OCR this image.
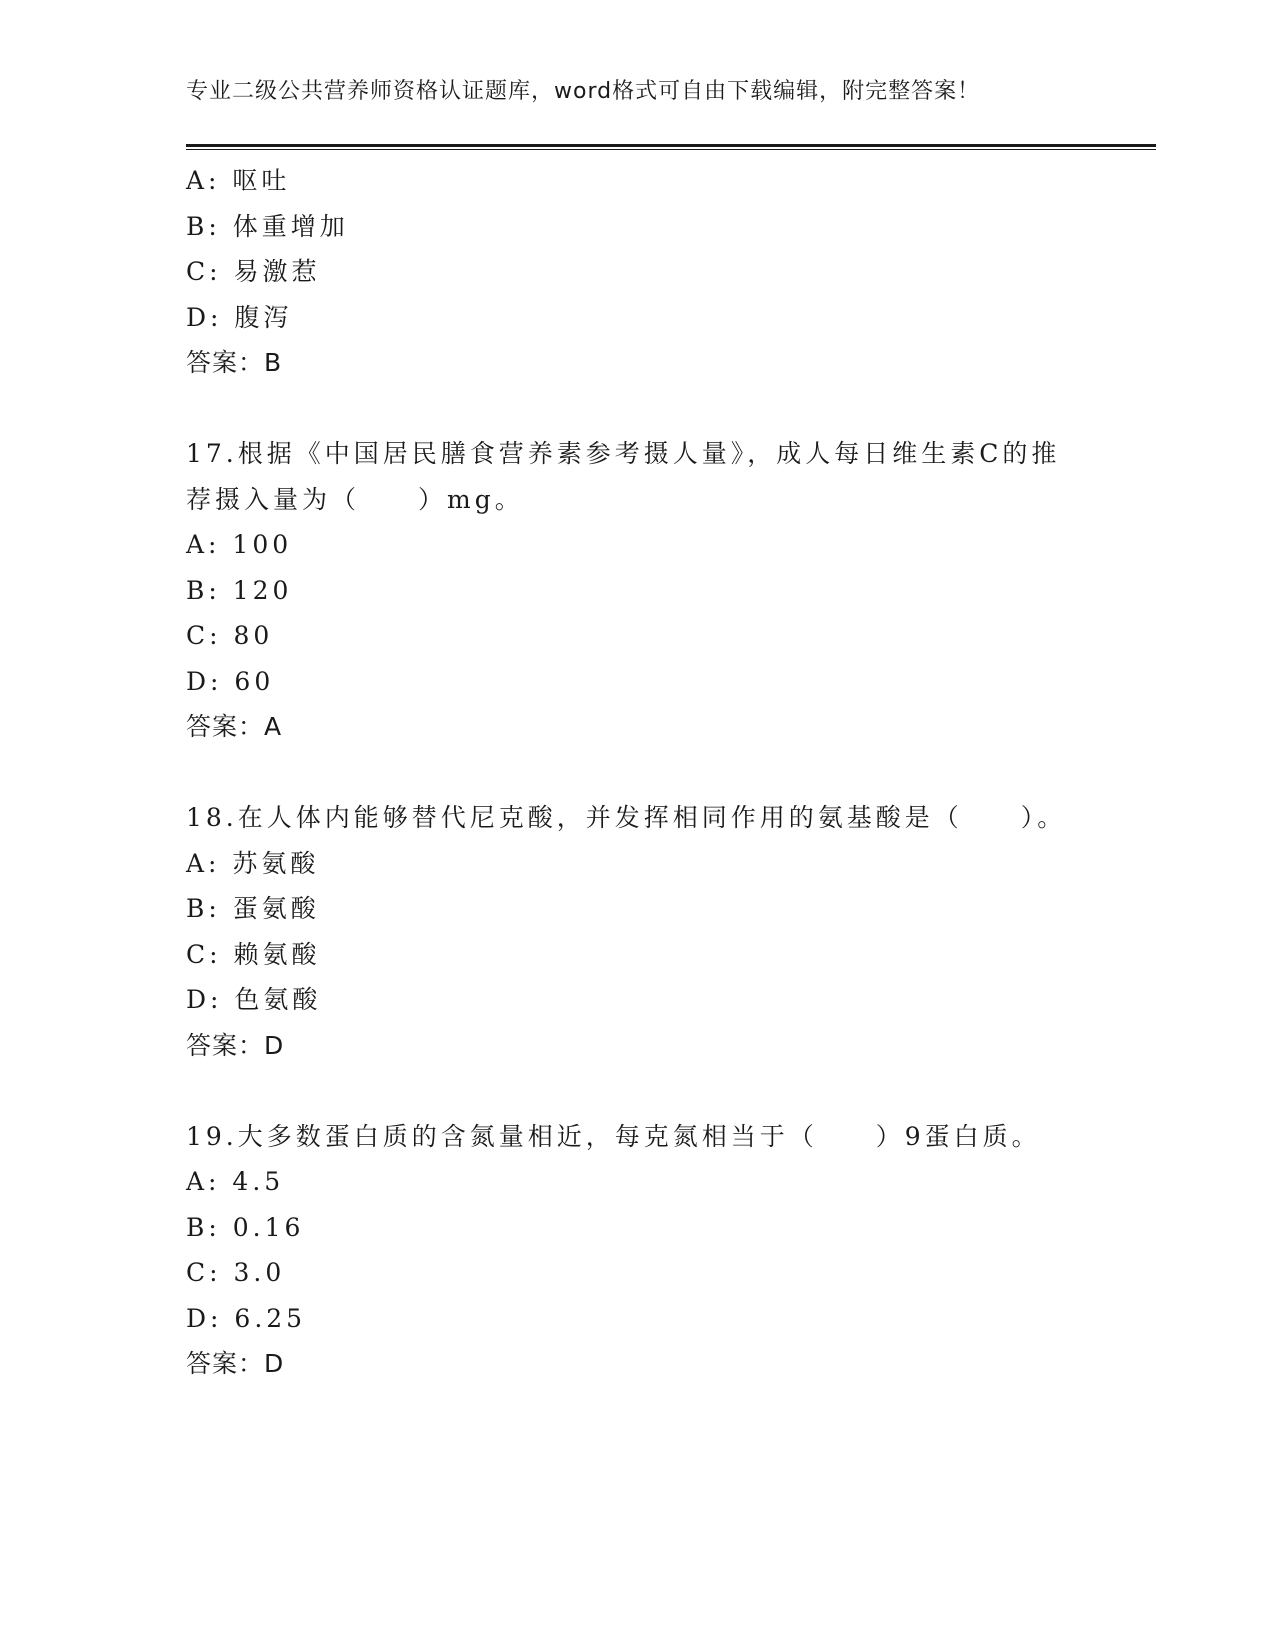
专业二级公共营养师资格认证题库，word格式可自由下载编辑，附完整答案！
A: 呕吐
B: 体重增加
C: 易激惹
D: 腹泻
答案：B
17.根据《中国居民膳食营养素参考摄人量》，成人每日维生素C的推
荐摄入量为（　　）mg。
A: 100
B: 120
C: 80
D: 60
答案：A
18.在人体内能够替代尼克酸，并发挥相同作用的氨基酸是（　　）。
A: 苏氨酸
B: 蛋氨酸
C: 赖氨酸
D: 色氨酸
答案：D
19.大多数蛋白质的含氮量相近，每克氮相当于（　　）9蛋白质。
A: 4.5
B: 0.16
C: 3.0
D: 6.25
答案：D
